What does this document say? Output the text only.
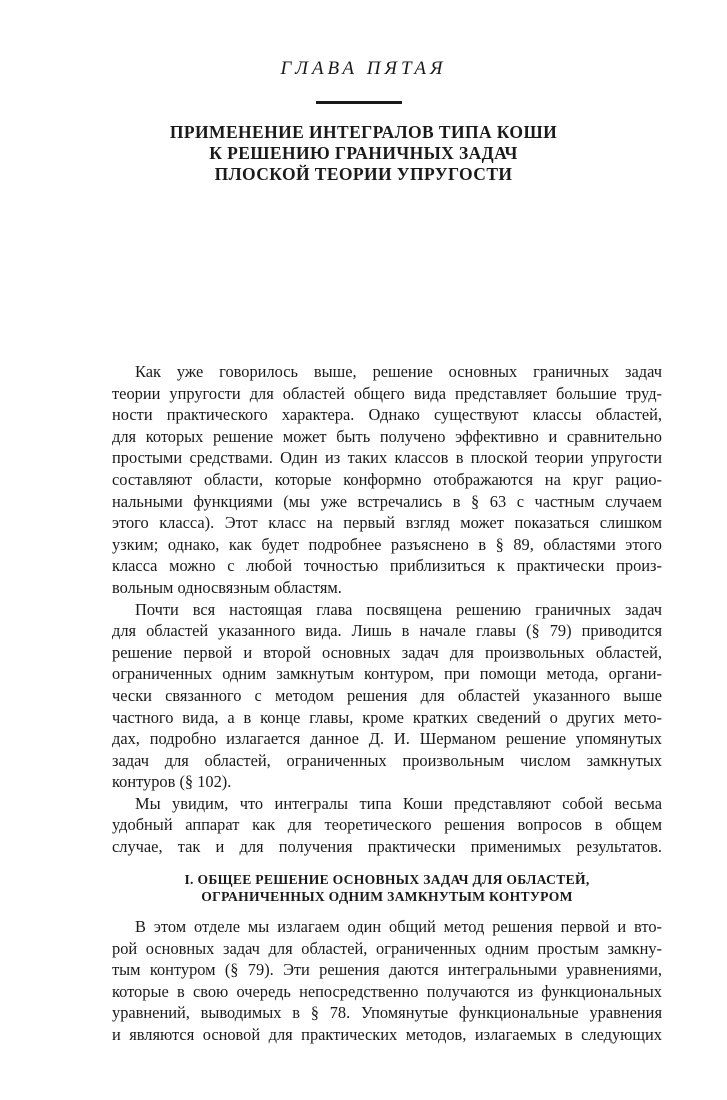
ГЛАВА ПЯТАЯ
ПРИМЕНЕНИЕ ИНТЕГРАЛОВ ТИПА КОШИ
К РЕШЕНИЮ ГРАНИЧНЫХ ЗАДАЧ
ПЛОСКОЙ ТЕОРИИ УПРУГОСТИ
Как уже говорилось выше, решение основных граничных задач
теории упругости для областей общего вида представляет большие труд-
ности практического характера. Однако существуют классы областей,
для которых решение может быть получено эффективно и сравнительно
простыми средствами. Один из таких классов в плоской теории упругости
составляют области, которые конформно отображаются на круг рацио-
нальными функциями (мы уже встречались в § 63 с частным случаем
этого класса). Этот класс на первый взгляд может показаться слишком
узким; однако, как будет подробнее разъяснено в § 89, областями этого
класса можно с любой точностью приблизиться к практически произ-
вольным односвязным областям.
Почти вся настоящая глава посвящена решению граничных задач
для областей указанного вида. Лишь в начале главы (§ 79) приводится
решение первой и второй основных задач для произвольных областей,
ограниченных одним замкнутым контуром, при помощи метода, органи-
чески связанного с методом решения для областей указанного выше
частного вида, а в конце главы, кроме кратких сведений о других мето-
дах, подробно излагается данное Д. И. Шерманом решение упомянутых
задач для областей, ограниченных произвольным числом замкнутых
контуров (§ 102).
Мы увидим, что интегралы типа Коши представляют собой весьма
удобный аппарат как для теоретического решения вопросов в общем
случае, так и для получения практически применимых результатов.
I. ОБЩЕЕ РЕШЕНИЕ ОСНОВНЫХ ЗАДАЧ ДЛЯ ОБЛАСТЕЙ,
ОГРАНИЧЕННЫХ ОДНИМ ЗАМКНУТЫМ КОНТУРОМ
В этом отделе мы излагаем один общий метод решения первой и вто-
рой основных задач для областей, ограниченных одним простым замкну-
тым контуром (§ 79). Эти решения даются интегральными уравнениями,
которые в свою очередь непосредственно получаются из функциональных
уравнений, выводимых в § 78. Упомянутые функциональные уравнения
и являются основой для практических методов, излагаемых в следующих
